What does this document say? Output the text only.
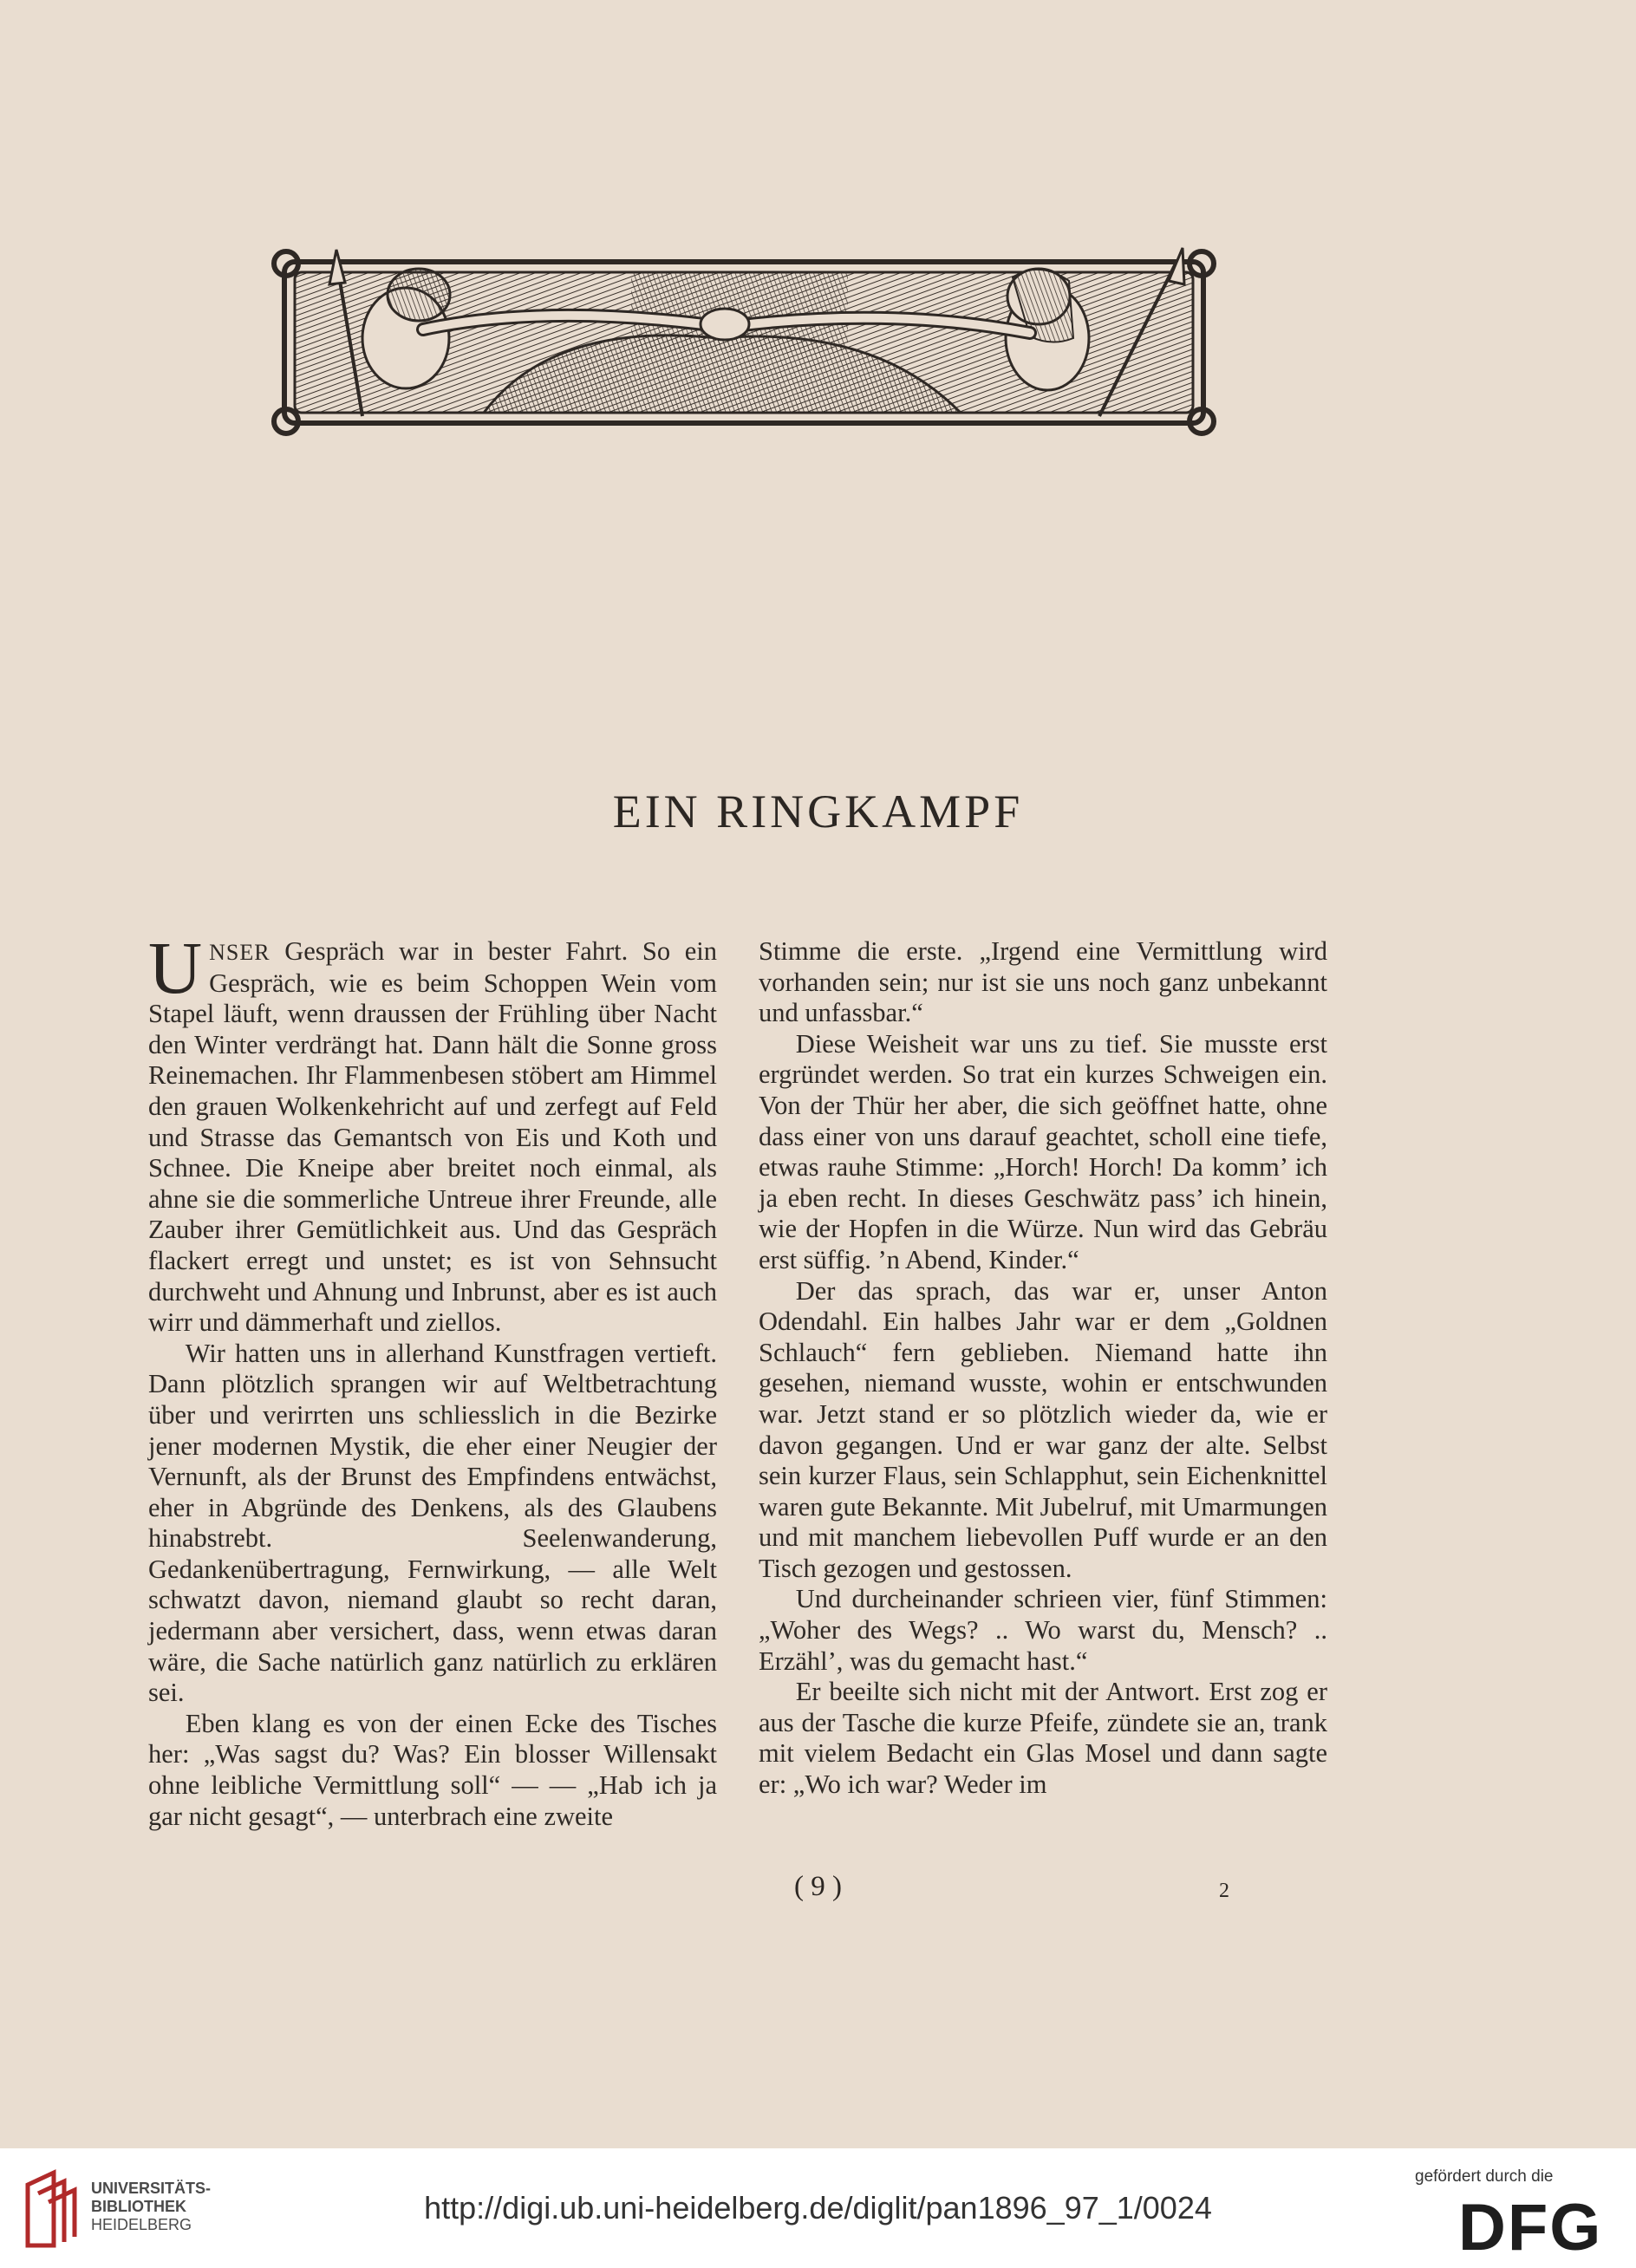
EIN RINGKAMPF

UNSER Gespräch war in bester Fahrt. So ein Gespräch, wie es beim Schoppen Wein vom Stapel läuft, wenn draussen der Frühling über Nacht den Winter verdrängt hat. Dann hält die Sonne gross Reinemachen. Ihr Flammenbesen stöbert am Himmel den grauen Wolkenkehricht auf und zerfegt auf Feld und Strasse das Gemantsch von Eis und Koth und Schnee. Die Kneipe aber breitet noch einmal, als ahne sie die sommerliche Untreue ihrer Freunde, alle Zauber ihrer Gemütlichkeit aus. Und das Gespräch flackert erregt und unstet; es ist von Sehnsucht durchweht und Ahnung und Inbrunst, aber es ist auch wirr und dämmerhaft und ziellos.

Wir hatten uns in allerhand Kunstfragen vertieft. Dann plötzlich sprangen wir auf Weltbetrachtung über und verirrten uns schliesslich in die Bezirke jener modernen Mystik, die eher einer Neugier der Vernunft, als der Brunst des Empfindens entwächst, eher in Abgründe des Denkens, als des Glaubens hinabstrebt. Seelenwanderung, Gedankenübertragung, Fernwirkung, — alle Welt schwatzt davon, niemand glaubt so recht daran, jedermann aber versichert, dass, wenn etwas daran wäre, die Sache natürlich ganz natürlich zu erklären sei.

Eben klang es von der einen Ecke des Tisches her: „Was sagst du? Was? Ein blosser Willensakt ohne leibliche Vermittlung soll“ — — „Hab ich ja gar nicht gesagt“, — unterbrach eine zweite

Stimme die erste. „Irgend eine Vermittlung wird vorhanden sein; nur ist sie uns noch ganz unbekannt und unfassbar.“

Diese Weisheit war uns zu tief. Sie musste erst ergründet werden. So trat ein kurzes Schweigen ein. Von der Thür her aber, die sich geöffnet hatte, ohne dass einer von uns darauf geachtet, scholl eine tiefe, etwas rauhe Stimme: „Horch! Horch! Da komm’ ich ja eben recht. In dieses Geschwätz pass’ ich hinein, wie der Hopfen in die Würze. Nun wird das Gebräu erst süffig. ’n Abend, Kinder.“

Der das sprach, das war er, unser Anton Odendahl. Ein halbes Jahr war er dem „Goldnen Schlauch“ fern geblieben. Niemand hatte ihn gesehen, niemand wusste, wohin er entschwunden war. Jetzt stand er so plötzlich wieder da, wie er davon gegangen. Und er war ganz der alte. Selbst sein kurzer Flaus, sein Schlapphut, sein Eichenknittel waren gute Bekannte. Mit Jubelruf, mit Umarmungen und mit manchem liebevollen Puff wurde er an den Tisch gezogen und gestossen.

Und durcheinander schrieen vier, fünf Stimmen: „Woher des Wegs? .. Wo warst du, Mensch? .. Erzähl’, was du gemacht hast.“

Er beeilte sich nicht mit der Antwort. Erst zog er aus der Tasche die kurze Pfeife, zündete sie an, trank mit vielem Bedacht ein Glas Mosel und dann sagte er: „Wo ich war? Weder im

( 9 )	2
UNIVERSITÄTS-
BIBLIOTHEK
HEIDELBERG	http://digi.ub.uni-heidelberg.de/diglit/pan1896_97_1/0024
gefördert durch die
DFG
